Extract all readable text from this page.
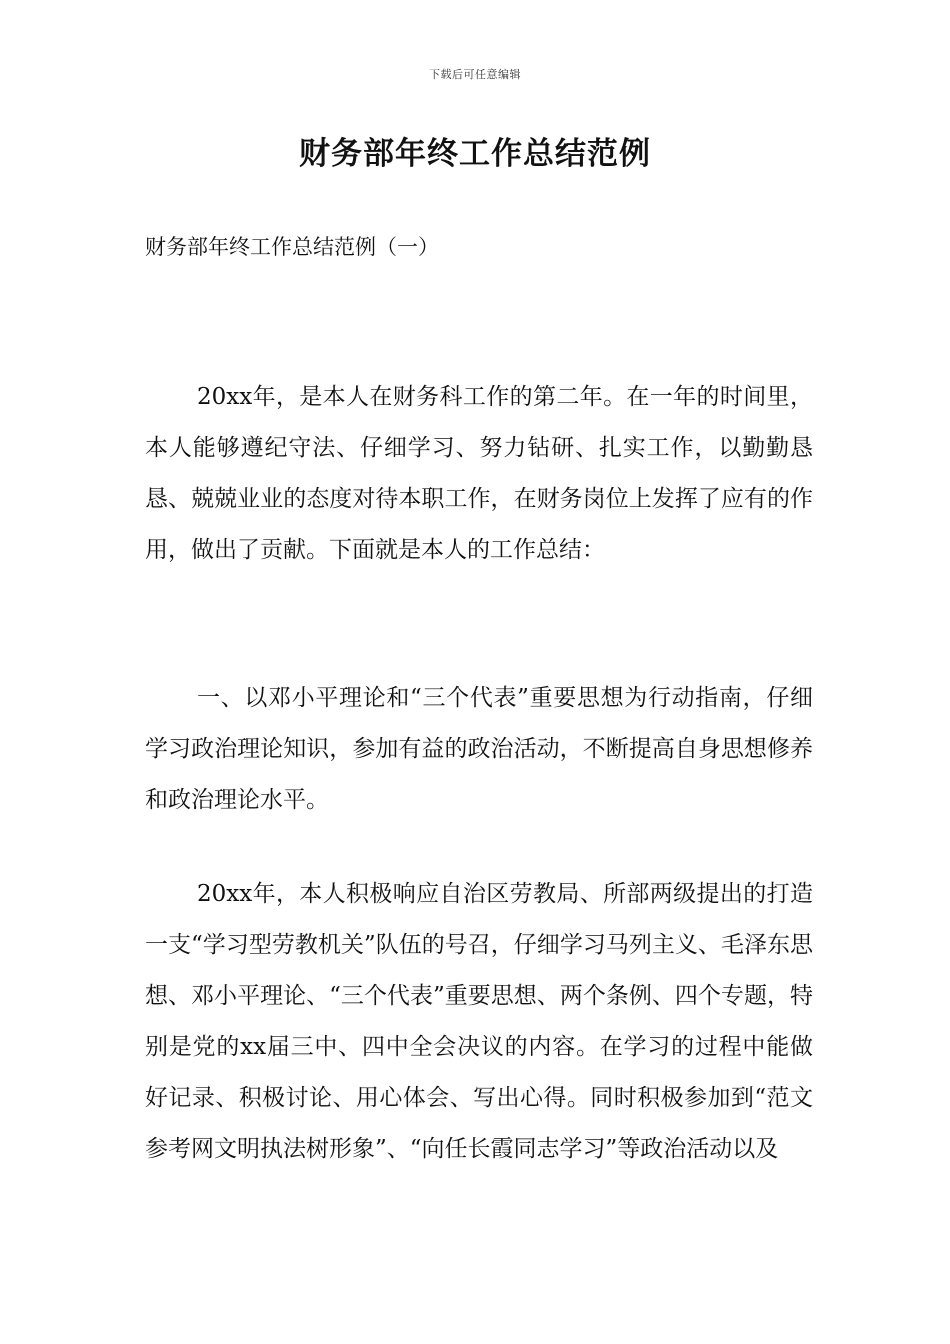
下载后可任意编辑
财务部年终工作总结范例

财务部年终工作总结范例（一）

20xx年，是本人在财务科工作的第二年。在一年的时间里，本人能够遵纪守法、仔细学习、努力钻研、扎实工作，以勤勤恳恳、兢兢业业的态度对待本职工作，在财务岗位上发挥了应有的作用，做出了贡献。下面就是本人的工作总结：

一、以邓小平理论和“三个代表”重要思想为行动指南，仔细学习政治理论知识，参加有益的政治活动，不断提高自身思想修养和政治理论水平。

20xx年，本人积极响应自治区劳教局、所部两级提出的打造一支“学习型劳教机关”队伍的号召，仔细学习马列主义、毛泽东思想、邓小平理论、“三个代表”重要思想、两个条例、四个专题，特别是党的xx届三中、四中全会决议的内容。在学习的过程中能做好记录、积极讨论、用心体会、写出心得。同时积极参加到“范文参考网文明执法树形象”、“向任长霞同志学习”等政治活动以及
